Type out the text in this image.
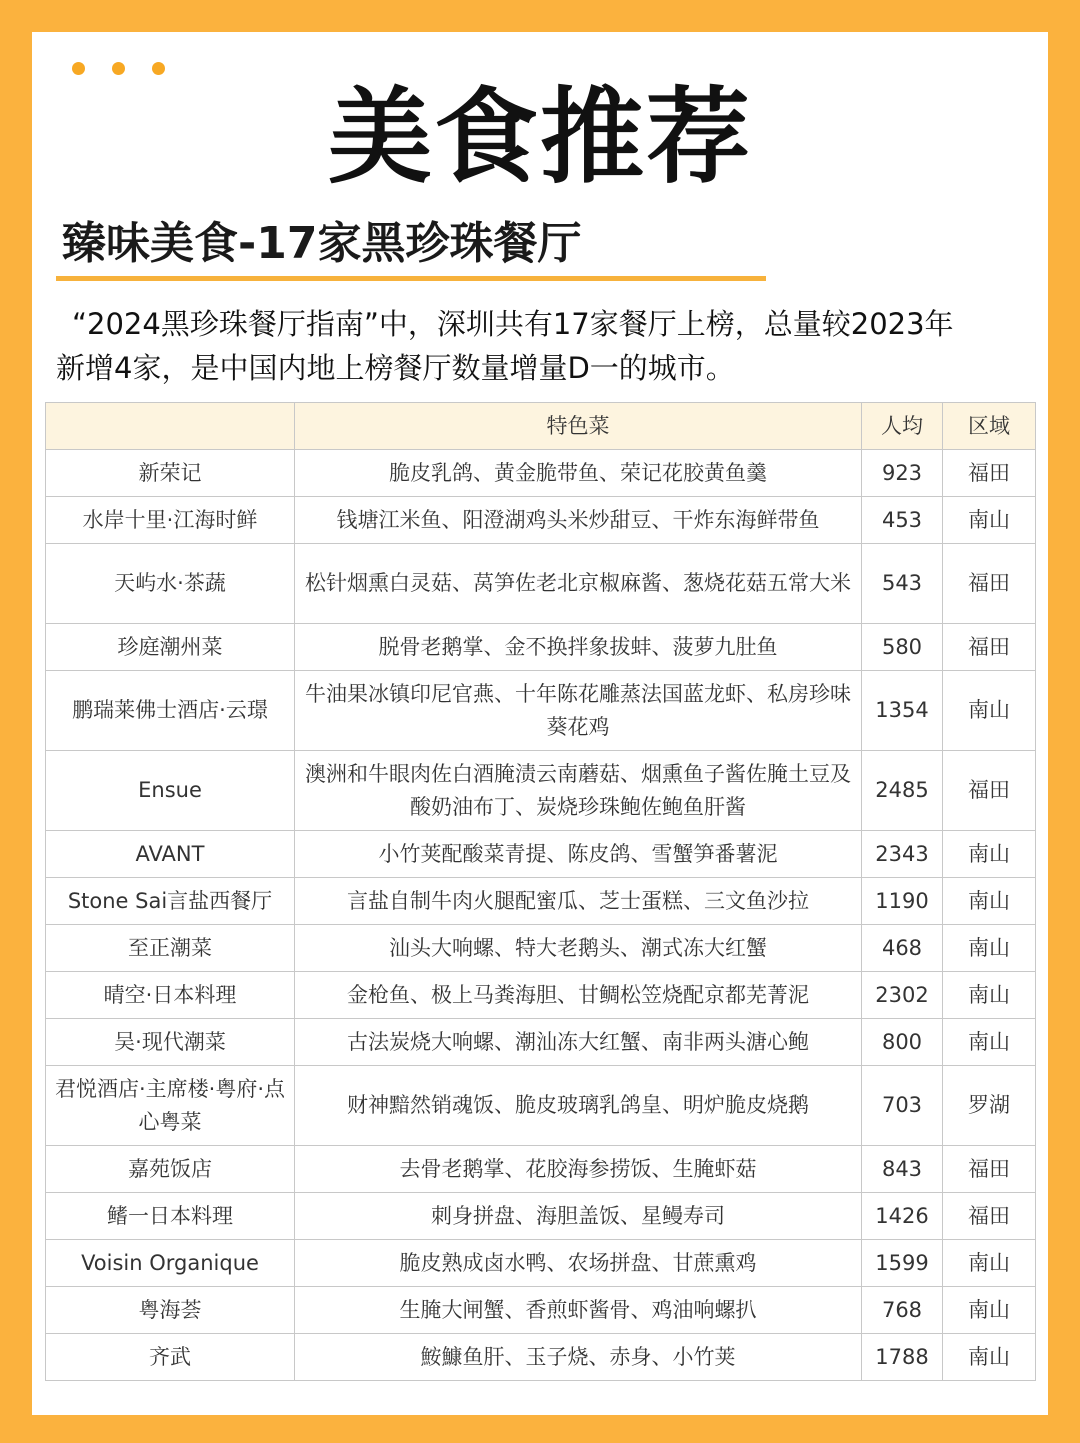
美食推荐
臻味美食-17家黑珍珠餐厅
“2024黑珍珠餐厅指南”中，深圳共有17家餐厅上榜，总量较2023年
新增4家，是中国内地上榜餐厅数量增量D一的城市。
	特色菜	人均	区域
新荣记	脆皮乳鸽、黄金脆带鱼、荣记花胶黄鱼羹	923	福田
水岸十里·江海时鲜	钱塘江米鱼、阳澄湖鸡头米炒甜豆、干炸东海鲜带鱼	453	南山
天屿水·茶蔬	松针烟熏白灵菇、莴笋佐老北京椒麻酱、葱烧花菇五常大米	543	福田
珍庭潮州菜	脱骨老鹅掌、金不换拌象拔蚌、菠萝九肚鱼	580	福田
鹏瑞莱佛士酒店·云璟	牛油果冰镇印尼官燕、十年陈花雕蒸法国蓝龙虾、私房珍味葵花鸡	1354	南山
Ensue	澳洲和牛眼肉佐白酒腌渍云南蘑菇、烟熏鱼子酱佐腌土豆及酸奶油布丁、炭烧珍珠鲍佐鲍鱼肝酱	2485	福田
AVANT	小竹荚配酸菜青提、陈皮鸽、雪蟹笋番薯泥	2343	南山
Stone Sai言盐西餐厅	言盐自制牛肉火腿配蜜瓜、芝士蛋糕、三文鱼沙拉	1190	南山
至正潮菜	汕头大响螺、特大老鹅头、潮式冻大红蟹	468	南山
晴空·日本料理	金枪鱼、极上马粪海胆、甘鲷松笠烧配京都芜菁泥	2302	南山
吴·现代潮菜	古法炭烧大响螺、潮汕冻大红蟹、南非两头溏心鲍	800	南山
君悦酒店·主席楼·粤府·点心粤菜	财神黯然销魂饭、脆皮玻璃乳鸽皇、明炉脆皮烧鹅	703	罗湖
嘉苑饭店	去骨老鹅掌、花胶海参捞饭、生腌虾菇	843	福田
鳍一日本料理	刺身拼盘、海胆盖饭、星鳗寿司	1426	福田
Voisin Organique	脆皮熟成卤水鸭、农场拼盘、甘蔗熏鸡	1599	南山
粤海荟	生腌大闸蟹、香煎虾酱骨、鸡油响螺扒	768	南山
齐武	鮟鱇鱼肝、玉子烧、赤身、小竹荚	1788	南山
